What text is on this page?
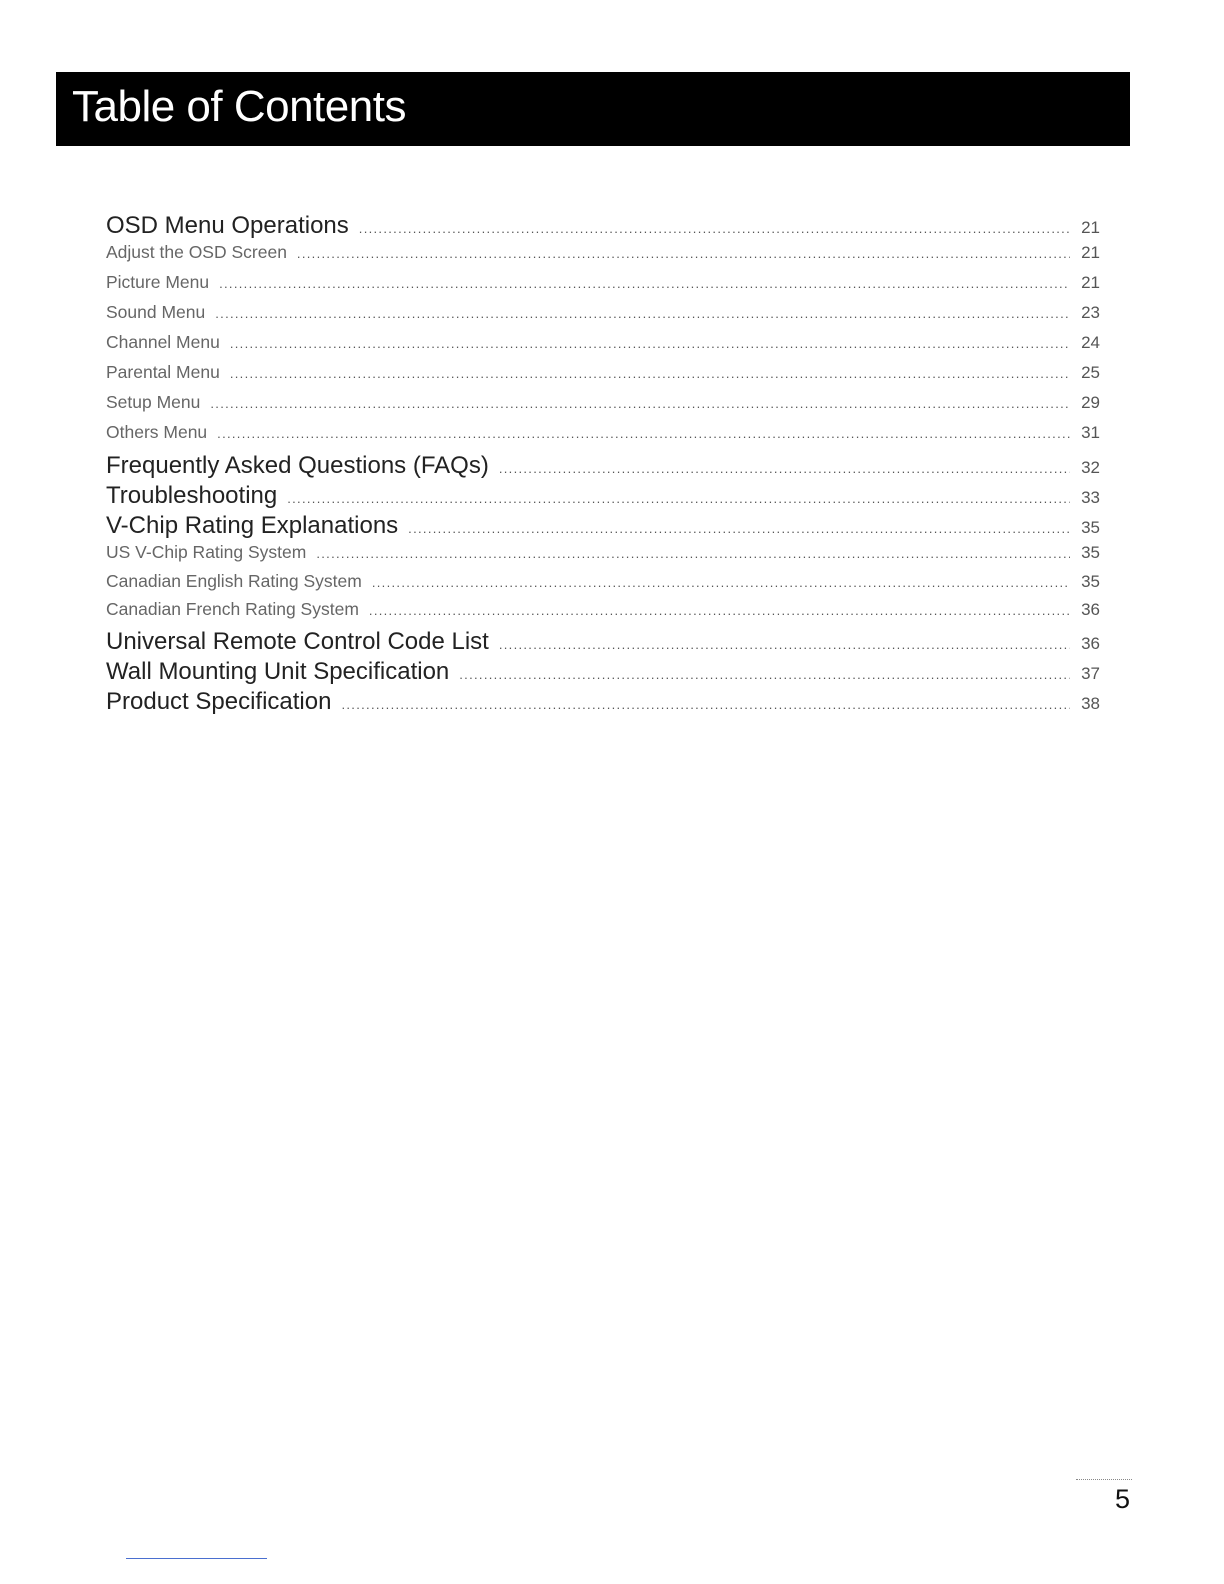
Table of Contents
OSD Menu Operations .....	21
Adjust the OSD Screen .....	21
Picture Menu .....	21
Sound Menu .....	23
Channel Menu .....	24
Parental Menu .....	25
Setup Menu .....	29
Others Menu .....	31
Frequently Asked Questions (FAQs) .....	32
Troubleshooting .....	33
V-Chip Rating Explanations .....	35
US V-Chip Rating System .....	35
Canadian English Rating System .....	35
Canadian French Rating System .....	36
Universal Remote Control Code List .....	36
Wall Mounting Unit Specification .....	37
Product Specification .....	38
5
